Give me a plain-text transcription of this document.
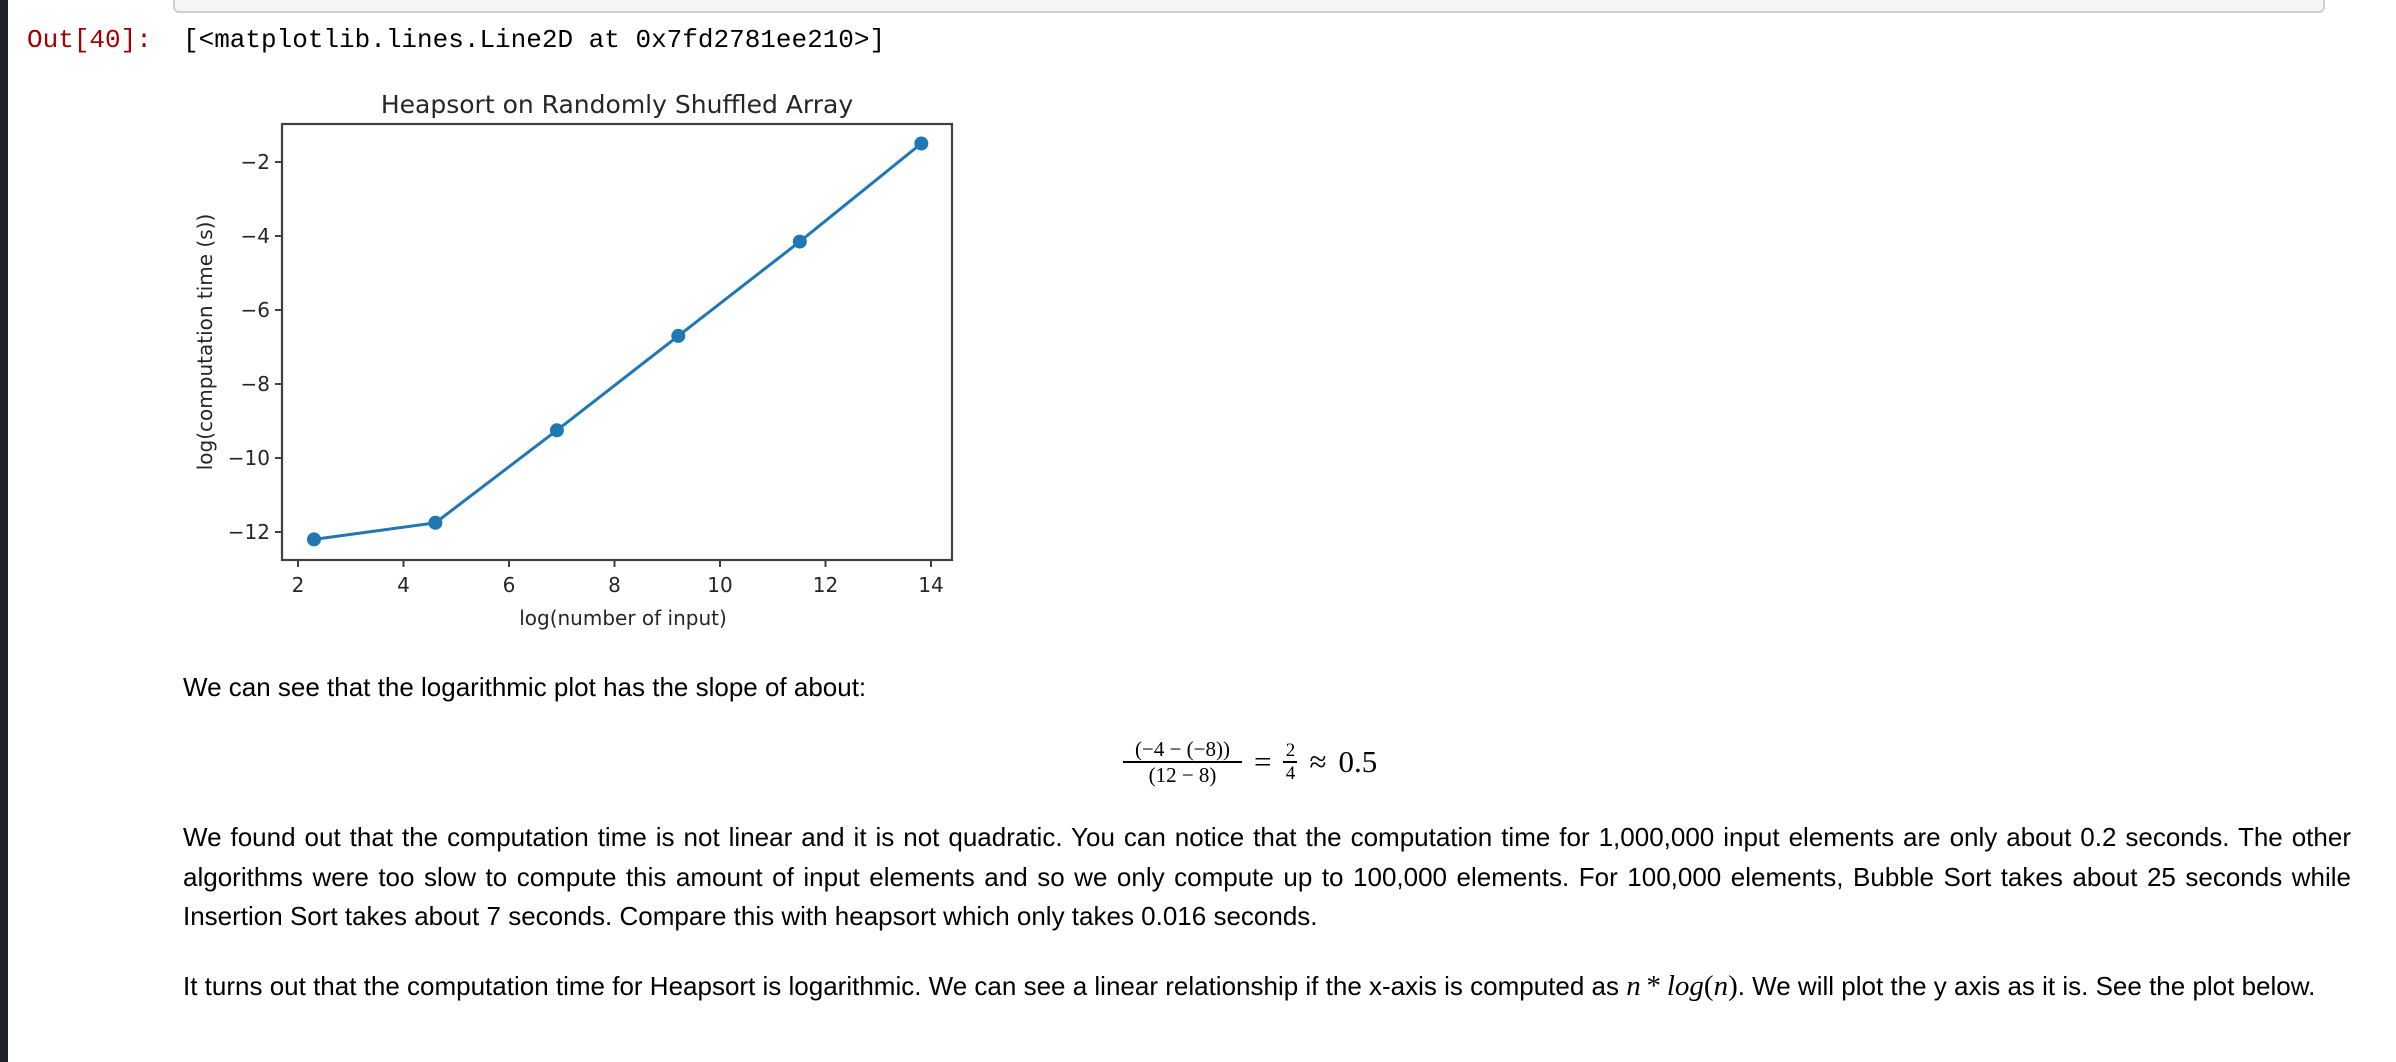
Out[40]: [<matplotlib.lines.Line2D at 0x7fd2781ee210>]
Heapsort on Randomly Shuffled Array
2	4	6	8	10	12	14
−2
−4
−6
−8
−10
−12
log(number of input)
log(computation time (s))

We can see that the logarithmic plot has the slope of about:

$\frac{(-4 - (-8))}{(12 - 8)} = \frac{2}{4} \approx 0.5$

We found out that the computation time is not linear and it is not quadratic. You can notice that the computation time for 1,000,000 input elements are only about 0.2 seconds. The other algorithms were too slow to compute this amount of input elements and so we only compute up to 100,000 elements. For 100,000 elements, Bubble Sort takes about 25 seconds while Insertion Sort takes about 7 seconds. Compare this with heapsort which only takes 0.016 seconds.

It turns out that the computation time for Heapsort is logarithmic. We can see a linear relationship if the x-axis is computed as n * log(n). We will plot the y axis as it is. See the plot below.
